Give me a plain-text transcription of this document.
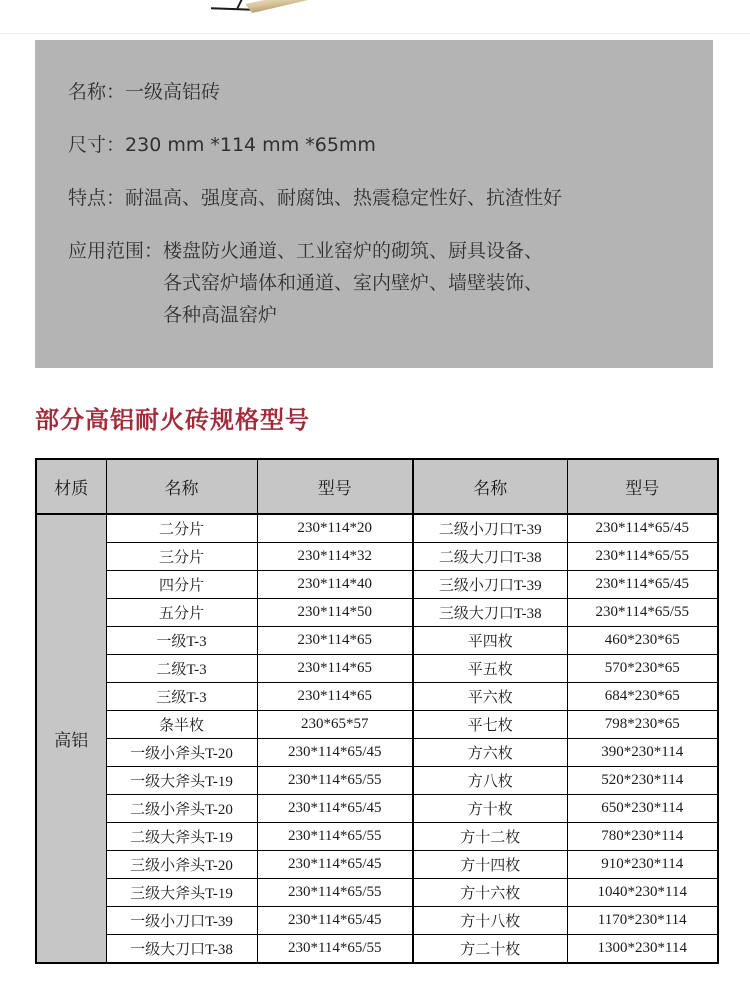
名称： 一级高铝砖
尺寸： 230 mm *114 mm *65mm
特点： 耐温高、强度高、耐腐蚀、热震稳定性好、抗渣性好
应用范围： 楼盘防火通道、工业窑炉的砌筑、厨具设备、
各式窑炉墙体和通道、室内壁炉、墙壁装饰、
各种高温窑炉
部分高铝耐火砖规格型号
材质	名称	型号	名称	型号
高铝	二分片	230*114*20	二级小刀口T-39	230*114*65/45
	三分片	230*114*32	二级大刀口T-38	230*114*65/55
	四分片	230*114*40	三级小刀口T-39	230*114*65/45
	五分片	230*114*50	三级大刀口T-38	230*114*65/55
	一级T-3	230*114*65	平四枚	460*230*65
	二级T-3	230*114*65	平五枚	570*230*65
	三级T-3	230*114*65	平六枚	684*230*65
	条半枚	230*65*57	平七枚	798*230*65
	一级小斧头T-20	230*114*65/45	方六枚	390*230*114
	一级大斧头T-19	230*114*65/55	方八枚	520*230*114
	二级小斧头T-20	230*114*65/45	方十枚	650*230*114
	二级大斧头T-19	230*114*65/55	方十二枚	780*230*114
	三级小斧头T-20	230*114*65/45	方十四枚	910*230*114
	三级大斧头T-19	230*114*65/55	方十六枚	1040*230*114
	一级小刀口T-39	230*114*65/45	方十八枚	1170*230*114
	一级大刀口T-38	230*114*65/55	方二十枚	1300*230*114
